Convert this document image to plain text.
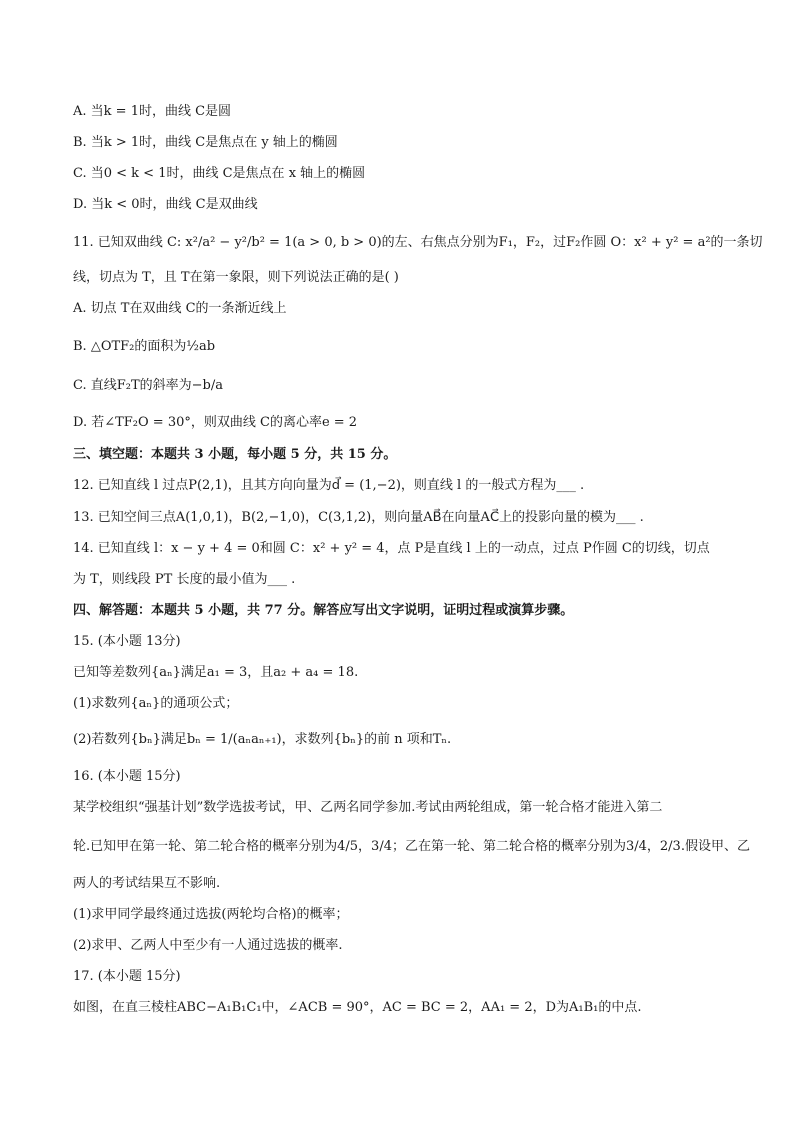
A. 当k = 1时，曲线 C是圆
B. 当k > 1时，曲线 C是焦点在 y 轴上的椭圆
C. 当0 < k < 1时，曲线 C是焦点在 x 轴上的椭圆
D. 当k < 0时，曲线 C是双曲线
11. 已知双曲线 C: x²/a² − y²/b² = 1(a > 0, b > 0)的左、右焦点分别为F₁，F₂，过F₂作圆 O：x² + y² = a²的一条切
线，切点为 T，且 T在第一象限，则下列说法正确的是( )
A. 切点 T在双曲线 C的一条渐近线上
B. △OTF₂的面积为½ab
C. 直线F₂T的斜率为−b/a
D. 若∠TF₂O = 30°，则双曲线 C的离心率e = 2
三、填空题：本题共 3 小题，每小题 5 分，共 15 分。
12. 已知直线 l 过点P(2,1)，且其方向向量为d⃗ = (1,−2)，则直线 l 的一般式方程为___ .
13. 已知空间三点A(1,0,1)，B(2,−1,0)，C(3,1,2)，则向量AB⃗在向量AC⃗上的投影向量的模为___ .
14. 已知直线 l：x − y + 4 = 0和圆 C：x² + y² = 4，点 P是直线 l 上的一动点，过点 P作圆 C的切线，切点
为 T，则线段 PT 长度的最小值为___ .
四、解答题：本题共 5 小题，共 77 分。解答应写出文字说明，证明过程或演算步骤。
15. (本小题 13分)
已知等差数列{aₙ}满足a₁ = 3，且a₂ + a₄ = 18.
(1)求数列{aₙ}的通项公式；
(2)若数列{bₙ}满足bₙ = 1/(aₙaₙ₊₁)，求数列{bₙ}的前 n 项和Tₙ.
16. (本小题 15分)
某学校组织“强基计划”数学选拔考试，甲、乙两名同学参加.考试由两轮组成，第一轮合格才能进入第二
轮.已知甲在第一轮、第二轮合格的概率分别为4/5，3/4；乙在第一轮、第二轮合格的概率分别为3/4，2/3.假设甲、乙
两人的考试结果互不影响.
(1)求甲同学最终通过选拔(两轮均合格)的概率；
(2)求甲、乙两人中至少有一人通过选拔的概率.
17. (本小题 15分)
如图，在直三棱柱ABC−A₁B₁C₁中，∠ACB = 90°，AC = BC = 2，AA₁ = 2，D为A₁B₁的中点.
